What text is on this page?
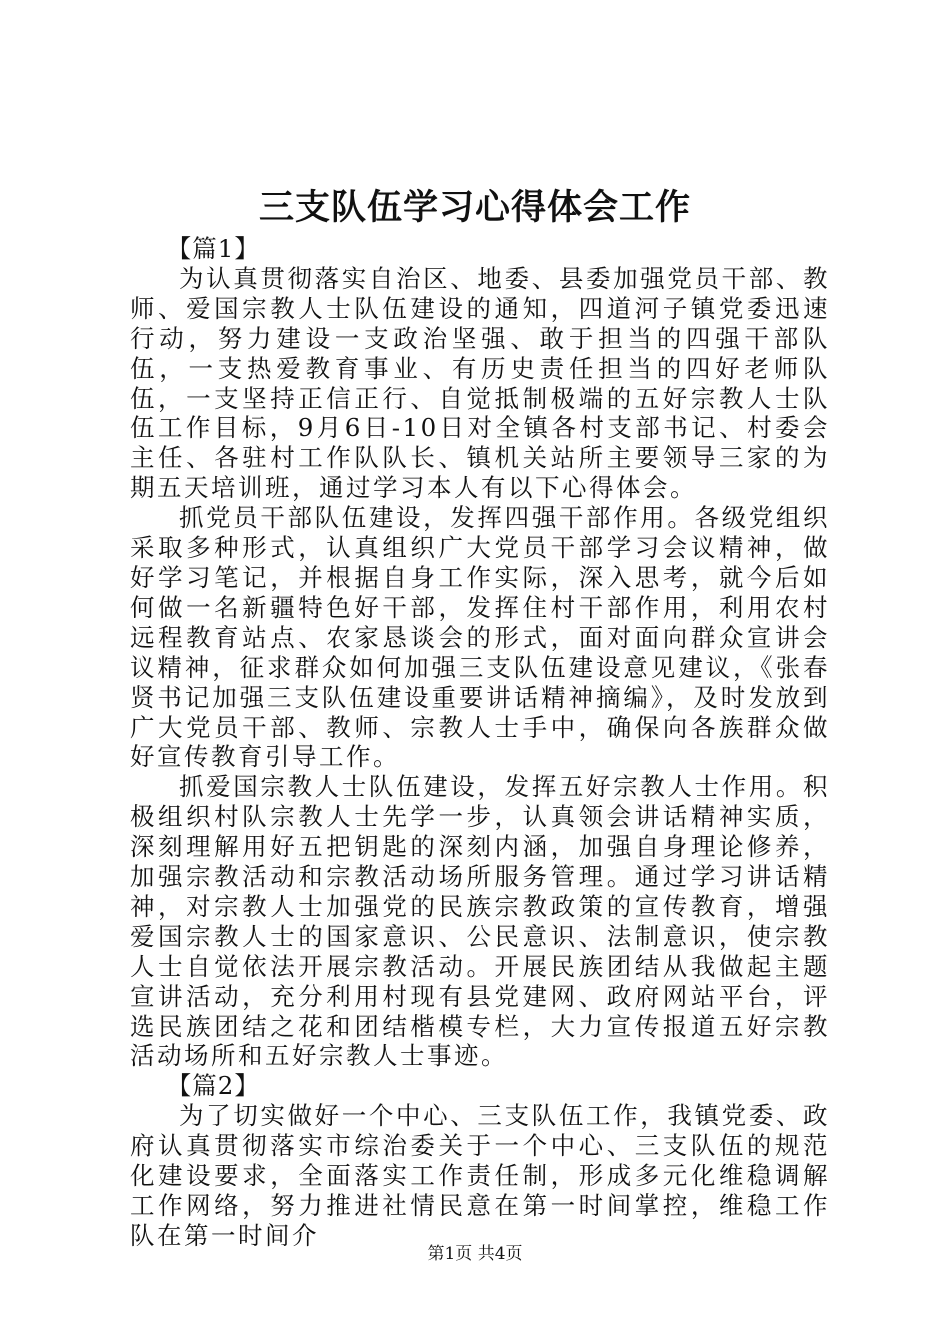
三支队伍学习心得体会工作
【篇1】

为认真贯彻落实自治区、地委、县委加强党员干部、教师、爱国宗教人士队伍建设的通知，四道河子镇党委迅速行动，努力建设一支政治坚强、敢于担当的四强干部队伍，一支热爱教育事业、有历史责任担当的四好老师队伍，一支坚持正信正行、自觉抵制极端的五好宗教人士队伍工作目标，9月6日-10日对全镇各村支部书记、村委会主任、各驻村工作队队长、镇机关站所主要领导三家的为期五天培训班，通过学习本人有以下心得体会。

抓党员干部队伍建设，发挥四强干部作用。各级党组织采取多种形式，认真组织广大党员干部学习会议精神，做好学习笔记，并根据自身工作实际，深入思考，就今后如何做一名新疆特色好干部，发挥住村干部作用，利用农村远程教育站点、农家恳谈会的形式，面对面向群众宣讲会议精神，征求群众如何加强三支队伍建设意见建议，《张春贤书记加强三支队伍建设重要讲话精神摘编》，及时发放到广大党员干部、教师、宗教人士手中，确保向各族群众做好宣传教育引导工作。

抓爱国宗教人士队伍建设，发挥五好宗教人士作用。积极组织村队宗教人士先学一步，认真领会讲话精神实质，深刻理解用好五把钥匙的深刻内涵，加强自身理论修养，加强宗教活动和宗教活动场所服务管理。通过学习讲话精神，对宗教人士加强党的民族宗教政策的宣传教育，增强爱国宗教人士的国家意识、公民意识、法制意识，使宗教人士自觉依法开展宗教活动。开展民族团结从我做起主题宣讲活动，充分利用村现有县党建网、政府网站平台，评选民族团结之花和团结楷模专栏，大力宣传报道五好宗教活动场所和五好宗教人士事迹。

【篇2】

为了切实做好一个中心、三支队伍工作，我镇党委、政府认真贯彻落实市综治委关于一个中心、三支队伍的规范化建设要求，全面落实工作责任制，形成多元化维稳调解工作网络，努力推进社情民意在第一时间掌控，维稳工作队在第一时间介

第1页 共4页
